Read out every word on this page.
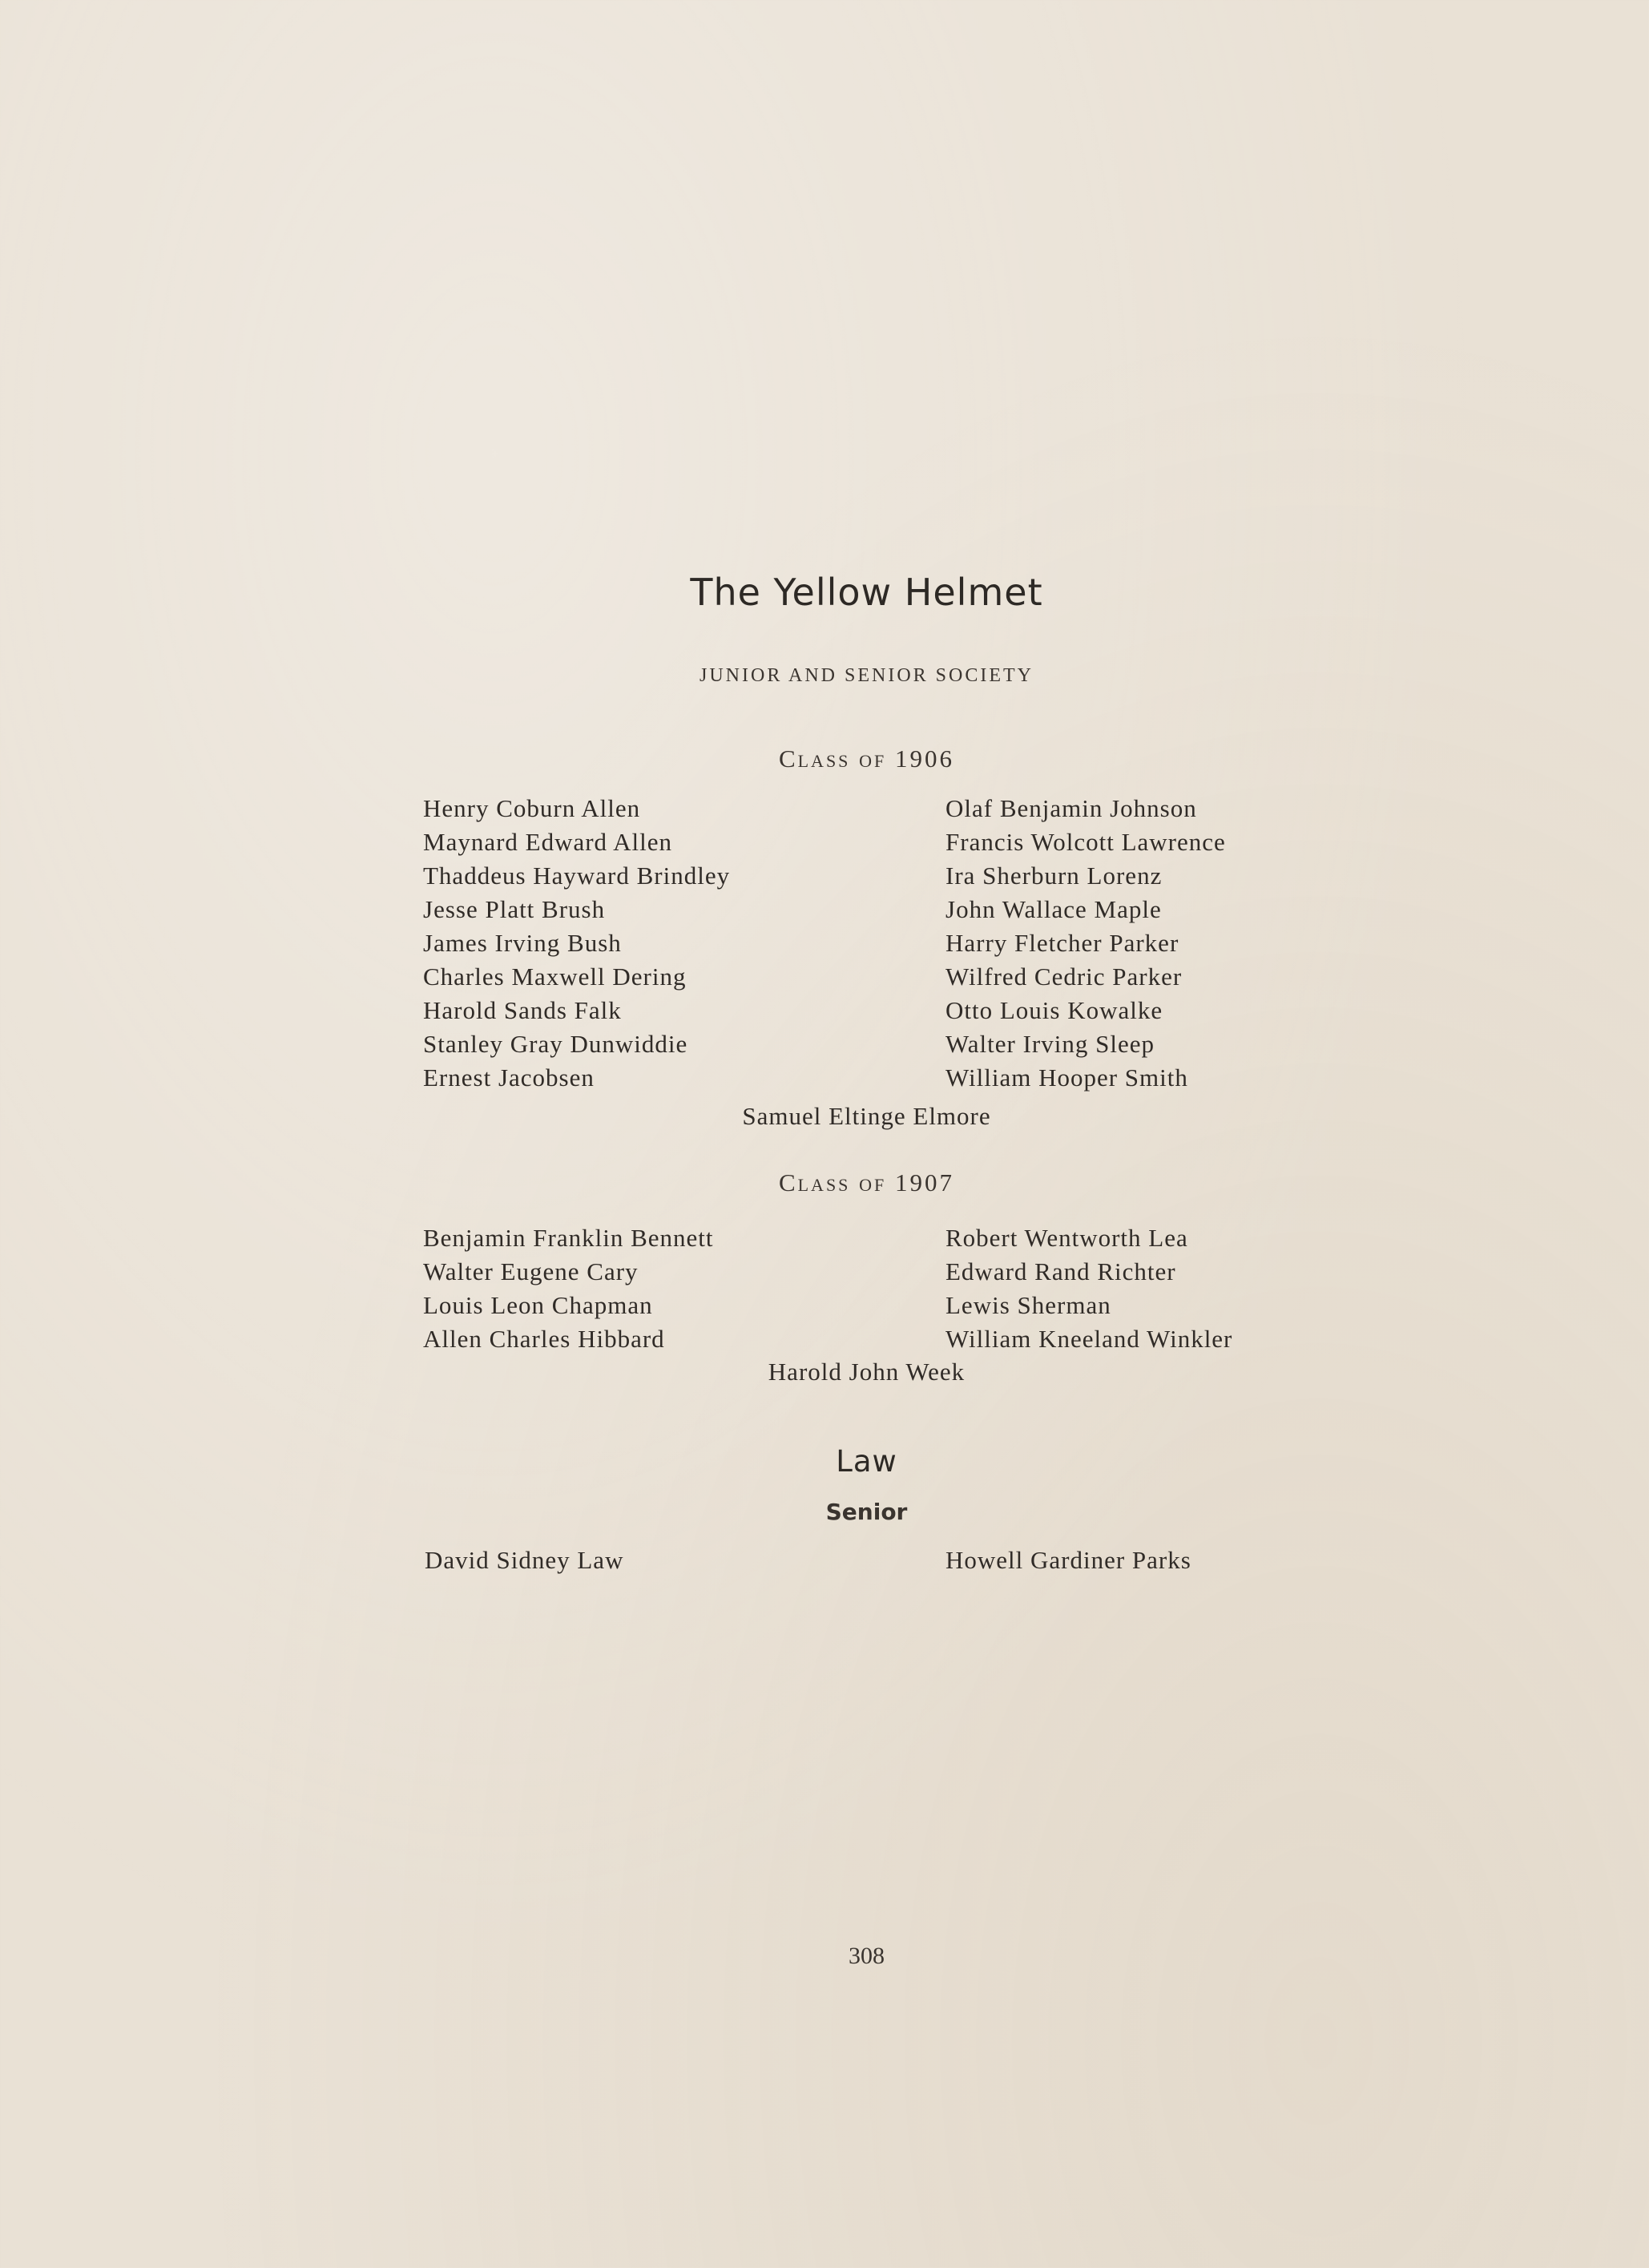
The Yellow Helmet
JUNIOR AND SENIOR SOCIETY
Class of 1906
Henry Coburn Allen
Maynard Edward Allen
Thaddeus Hayward Brindley
Jesse Platt Brush
James Irving Bush
Charles Maxwell Dering
Harold Sands Falk
Stanley Gray Dunwiddie
Ernest Jacobsen
Olaf Benjamin Johnson
Francis Wolcott Lawrence
Ira Sherburn Lorenz
John Wallace Maple
Harry Fletcher Parker
Wilfred Cedric Parker
Otto Louis Kowalke
Walter Irving Sleep
William Hooper Smith
Samuel Eltinge Elmore
Class of 1907
Benjamin Franklin Bennett
Walter Eugene Cary
Louis Leon Chapman
Allen Charles Hibbard
Robert Wentworth Lea
Edward Rand Richter
Lewis Sherman
William Kneeland Winkler
Harold John Week
Law
Senior
David Sidney Law	Howell Gardiner Parks
308
